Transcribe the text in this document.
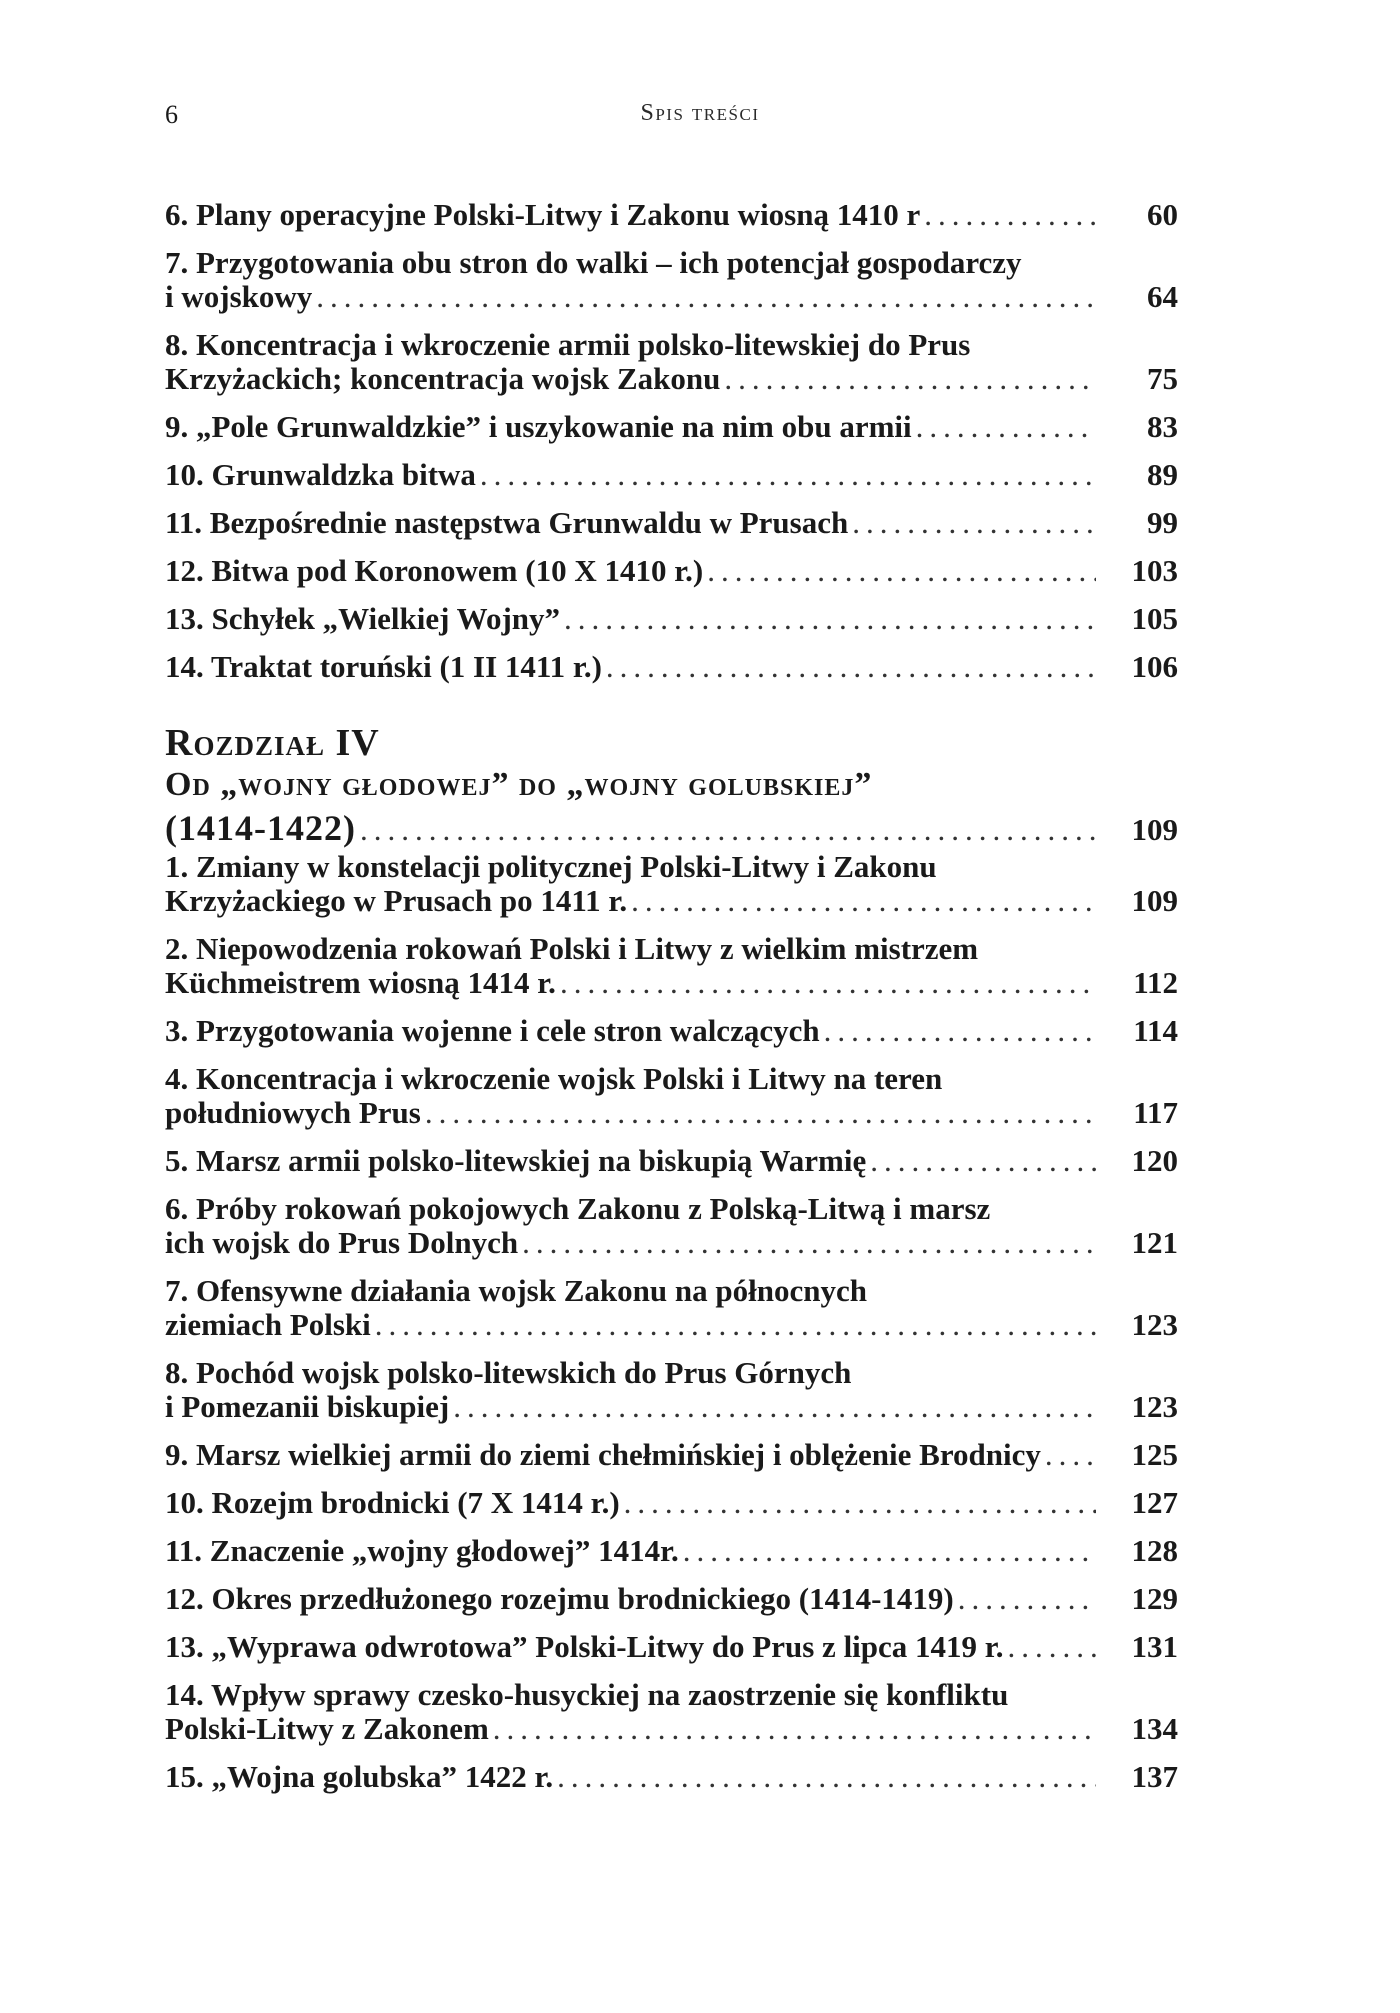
6	Spis treści
6. Plany operacyjne Polski-Litwy i Zakonu wiosną 1410 r .....	60
7. Przygotowania obu stron do walki – ich potencjał gospodarczy
i wojskowy .....	64
8. Koncentracja i wkroczenie armii polsko-litewskiej do Prus
Krzyżackich; koncentracja wojsk Zakonu .....	75
9. „Pole Grunwaldzkie” i uszykowanie na nim obu armii .....	83
10. Grunwaldzka bitwa .....	89
11. Bezpośrednie następstwa Grunwaldu w Prusach .....	99
12. Bitwa pod Koronowem (10 X 1410 r.) .....	103
13. Schyłek „Wielkiej Wojny” .....	105
14. Traktat toruński (1 II 1411 r.) .....	106
Rozdział IV
Od „wojny głodowej” do „wojny golubskiej”
(1414-1422) .....	109
1. Zmiany w konstelacji politycznej Polski-Litwy i Zakonu
Krzyżackiego w Prusach po 1411 r. .....	109
2. Niepowodzenia rokowań Polski i Litwy z wielkim mistrzem
Küchmeistrem wiosną 1414 r. .....	112
3. Przygotowania wojenne i cele stron walczących .....	114
4. Koncentracja i wkroczenie wojsk Polski i Litwy na teren
południowych Prus .....	117
5. Marsz armii polsko-litewskiej na biskupią Warmię .....	120
6. Próby rokowań pokojowych Zakonu z Polską-Litwą i marsz
ich wojsk do Prus Dolnych .....	121
7. Ofensywne działania wojsk Zakonu na północnych
ziemiach Polski .....	123
8. Pochód wojsk polsko-litewskich do Prus Górnych
i Pomezanii biskupiej .....	123
9. Marsz wielkiej armii do ziemi chełmińskiej i oblężenie Brodnicy .....	125
10. Rozejm brodnicki (7 X 1414 r.) .....	127
11. Znaczenie „wojny głodowej” 1414r. .....	128
12. Okres przedłużonego rozejmu brodnickiego (1414-1419) .....	129
13. „Wyprawa odwrotowa” Polski-Litwy do Prus z lipca 1419 r. .....	131
14. Wpływ sprawy czesko-husyckiej na zaostrzenie się konfliktu
Polski-Litwy z Zakonem .....	134
15. „Wojna golubska” 1422 r. .....	137
